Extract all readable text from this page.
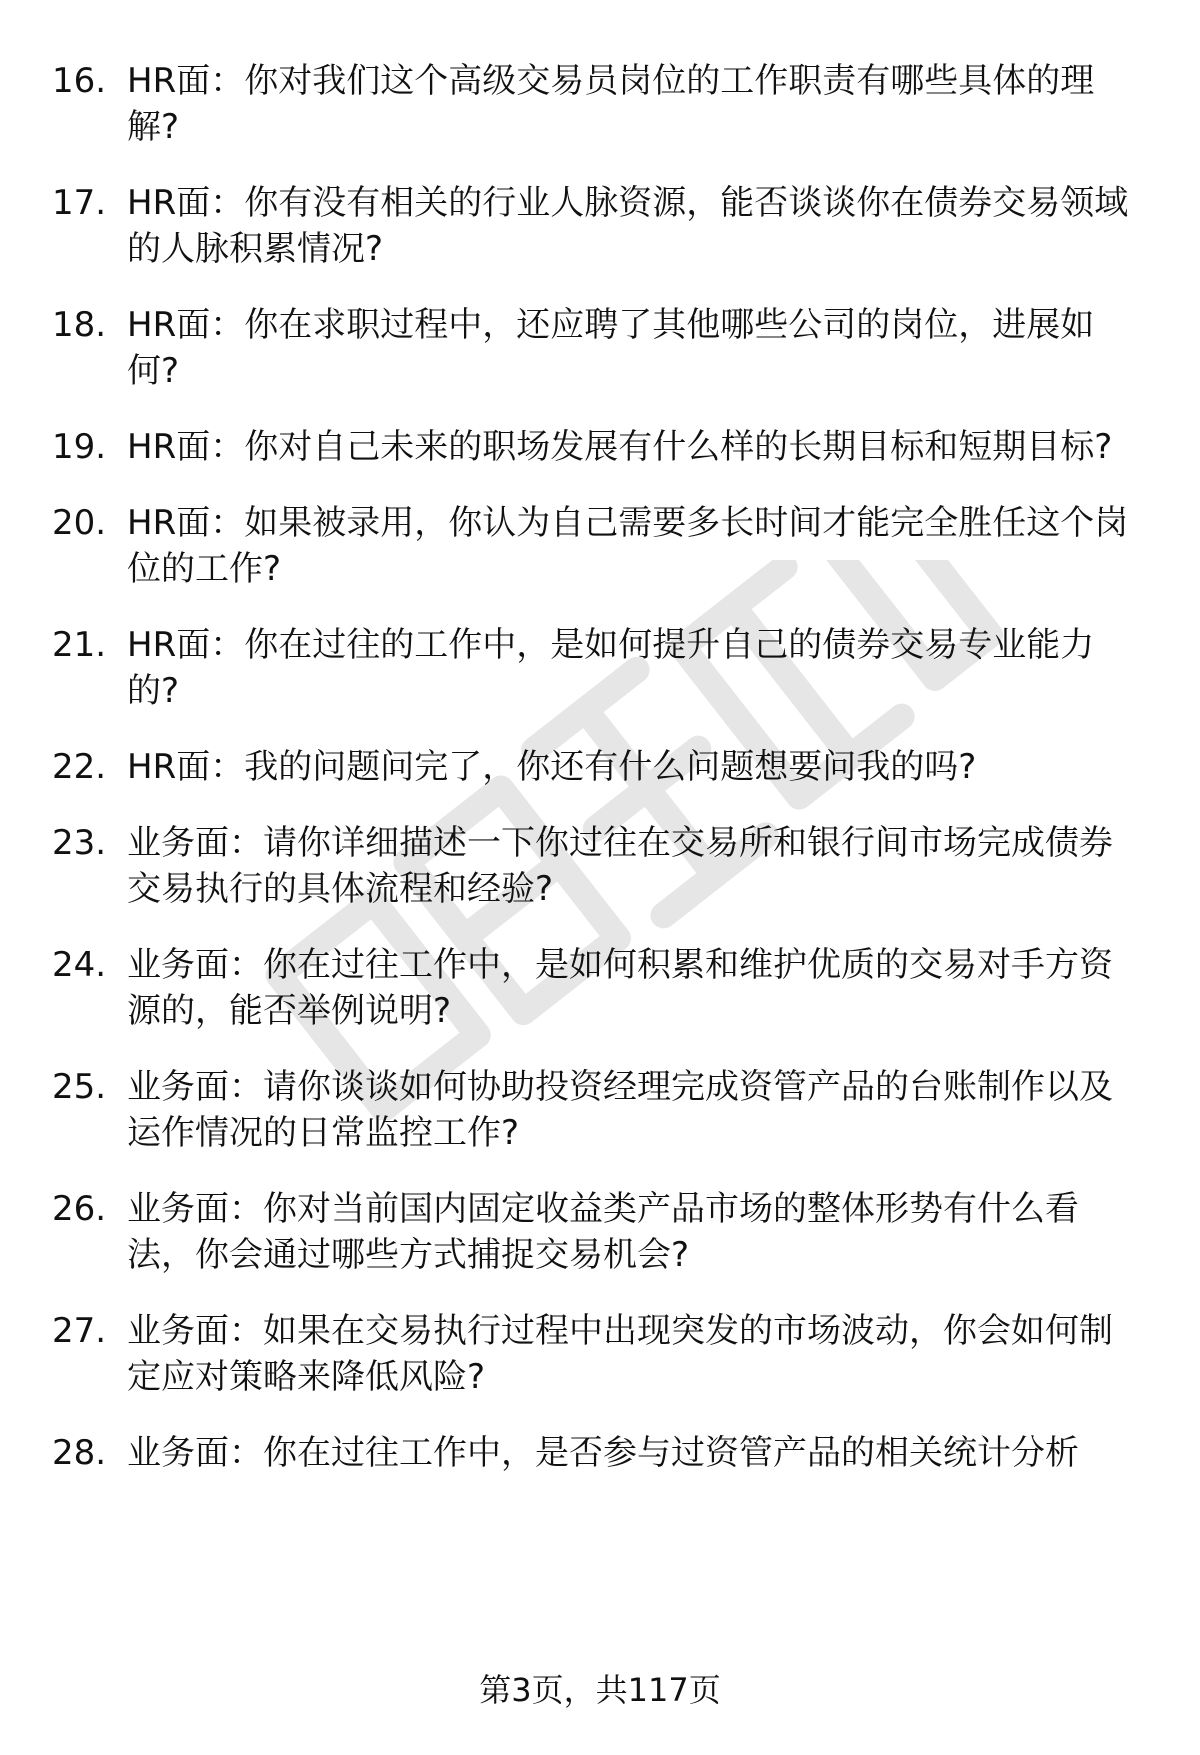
16. HR面：你对我们这个高级交易员岗位的工作职责有哪些具体的理解?
17. HR面：你有没有相关的行业人脉资源，能否谈谈你在债券交易领域的人脉积累情况?
18. HR面：你在求职过程中，还应聘了其他哪些公司的岗位，进展如何?
19. HR面：你对自己未来的职场发展有什么样的长期目标和短期目标?
20. HR面：如果被录用，你认为自己需要多长时间才能完全胜任这个岗位的工作?
21. HR面：你在过往的工作中，是如何提升自己的债券交易专业能力的?
22. HR面：我的问题问完了，你还有什么问题想要问我的吗?
23. 业务面：请你详细描述一下你过往在交易所和银行间市场完成债券交易执行的具体流程和经验?
24. 业务面：你在过往工作中，是如何积累和维护优质的交易对手方资源的，能否举例说明?
25. 业务面：请你谈谈如何协助投资经理完成资管产品的台账制作以及运作情况的日常监控工作?
26. 业务面：你对当前国内固定收益类产品市场的整体形势有什么看法，你会通过哪些方式捕捉交易机会?
27. 业务面：如果在交易执行过程中出现突发的市场波动，你会如何制定应对策略来降低风险?
28. 业务面：你在过往工作中，是否参与过资管产品的相关统计分析
第3页，共117页
